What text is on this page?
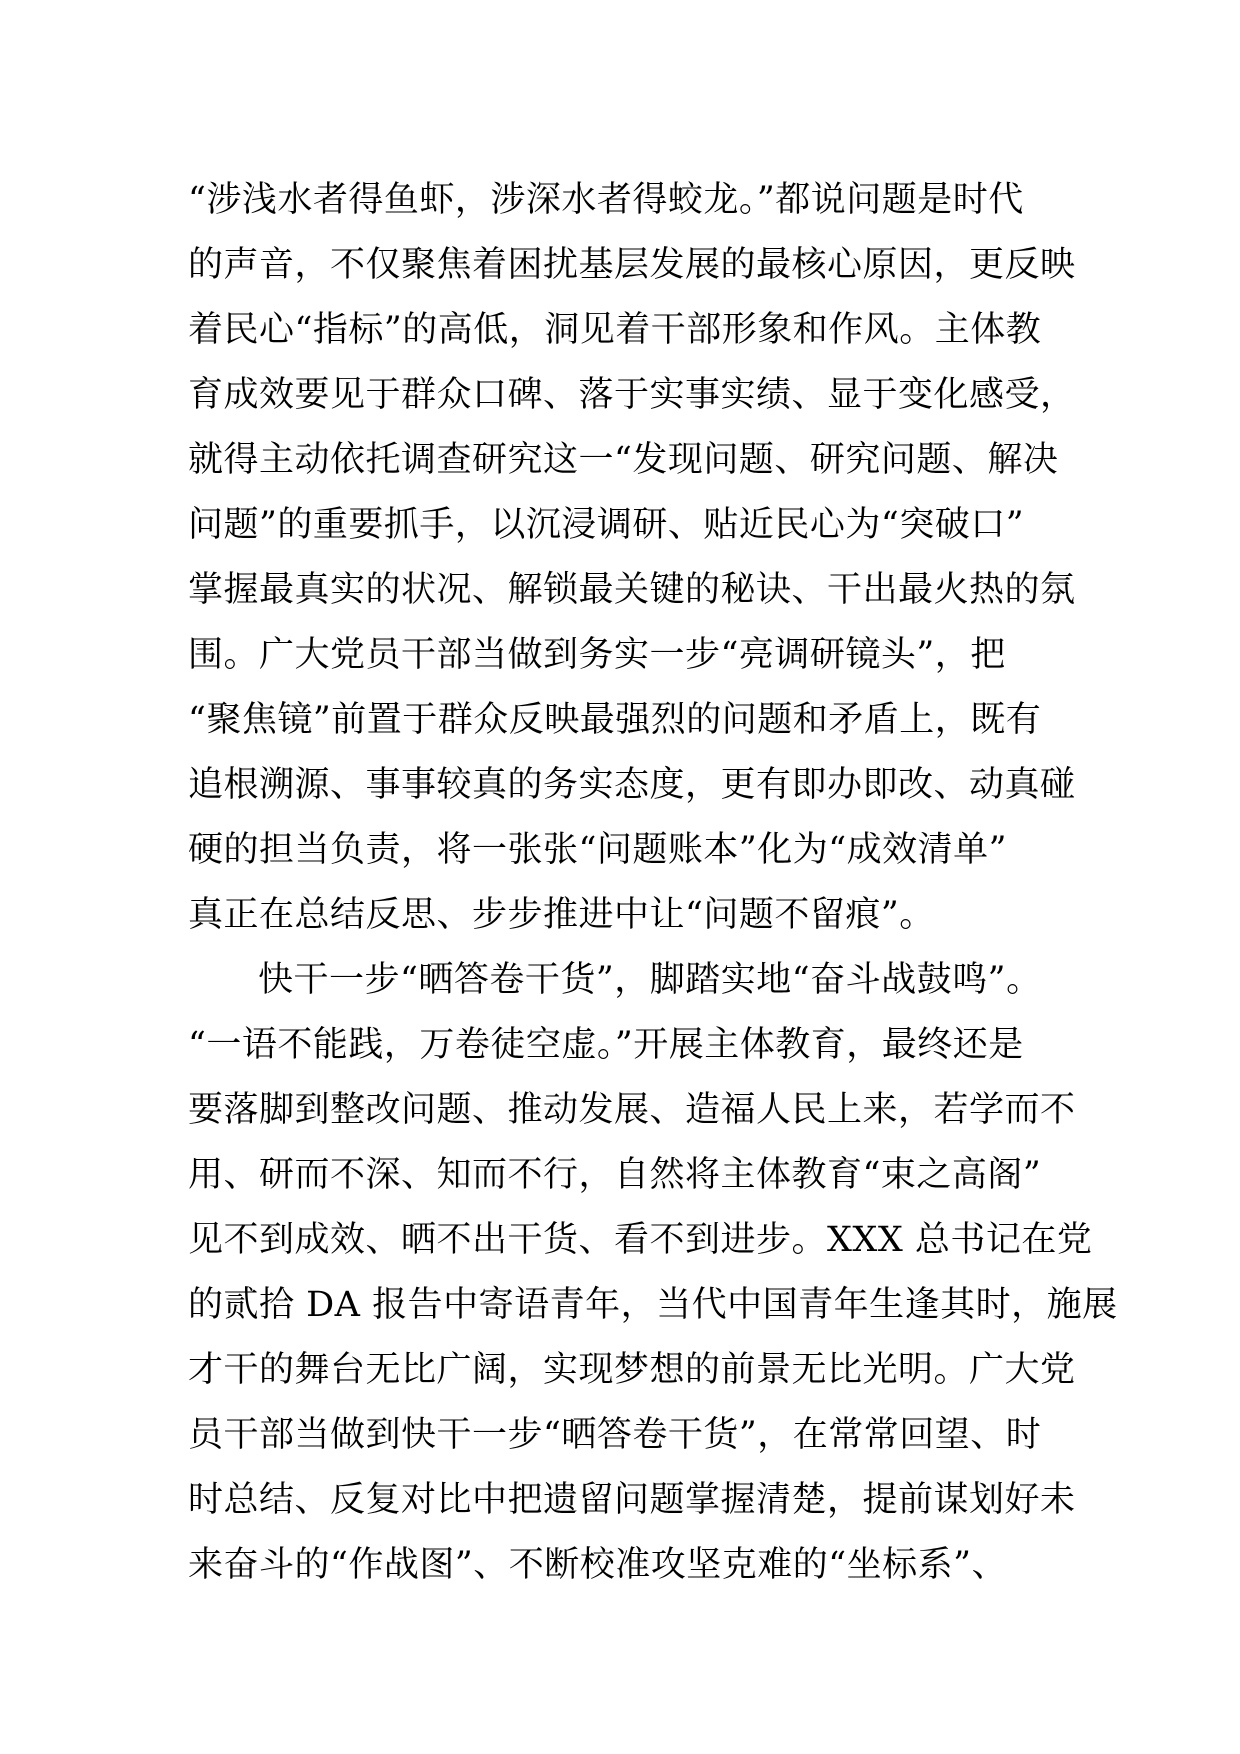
“涉浅水者得鱼虾，涉深水者得蛟龙。”都说问题是时代
的声音，不仅聚焦着困扰基层发展的最核心原因，更反映
着民心“指标”的高低，洞见着干部形象和作风。主体教
育成效要见于群众口碑、落于实事实绩、显于变化感受，
就得主动依托调查研究这一“发现问题、研究问题、解决
问题”的重要抓手，以沉浸调研、贴近民心为“突破口”
掌握最真实的状况、解锁最关键的秘诀、干出最火热的氛
围。广大党员干部当做到务实一步“亮调研镜头”，把
“聚焦镜”前置于群众反映最强烈的问题和矛盾上，既有
追根溯源、事事较真的务实态度，更有即办即改、动真碰
硬的担当负责，将一张张“问题账本”化为“成效清单”
真正在总结反思、步步推进中让“问题不留痕”。
快干一步“晒答卷干货”，脚踏实地“奋斗战鼓鸣”。
“一语不能践，万卷徒空虚。”开展主体教育，最终还是
要落脚到整改问题、推动发展、造福人民上来，若学而不
用、研而不深、知而不行，自然将主体教育“束之高阁”
见不到成效、晒不出干货、看不到进步。XXX 总书记在党
的贰拾 DA 报告中寄语青年，当代中国青年生逢其时，施展
才干的舞台无比广阔，实现梦想的前景无比光明。广大党
员干部当做到快干一步“晒答卷干货”，在常常回望、时
时总结、反复对比中把遗留问题掌握清楚，提前谋划好未
来奋斗的“作战图”、不断校准攻坚克难的“坐标系”、
